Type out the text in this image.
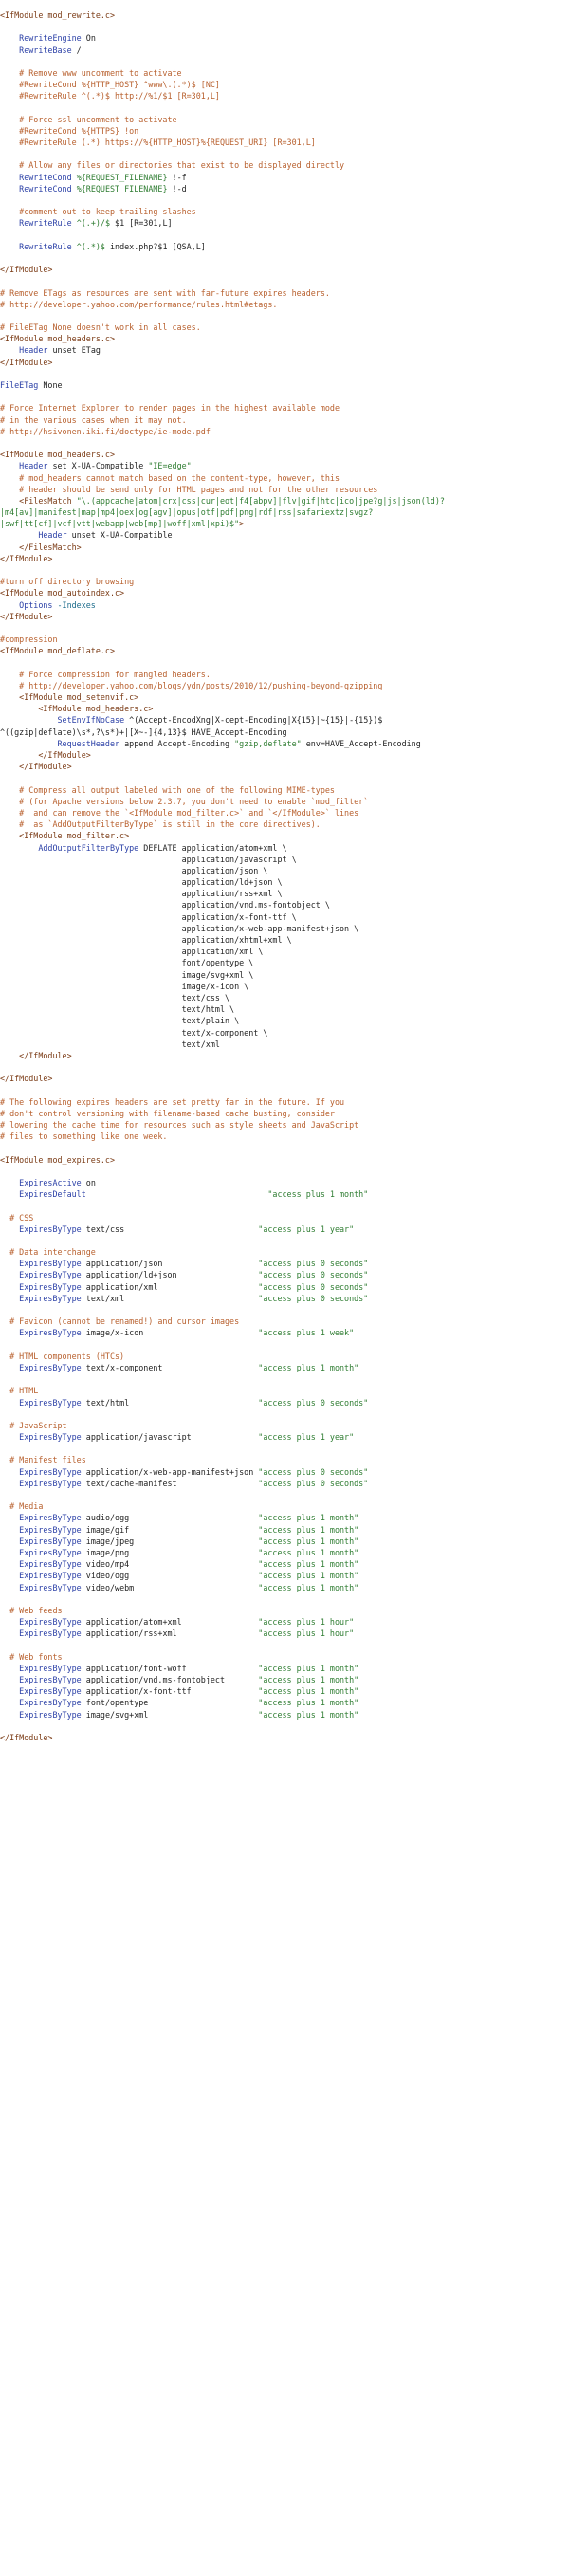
<IfModule mod_rewrite.c>
RewriteEngine On
RewriteBase /
# Remove www uncomment to activate
#RewriteCond %{HTTP_HOST} ^www\.(.*)$ [NC]
#RewriteRule ^(.*)$ http://%1/$1 [R=301,L]
# Force ssl uncomment to activate
#RewriteCond %{HTTPS} !on
#RewriteRule (.*) https://%{HTTP_HOST}%{REQUEST_URI} [R=301,L]
# Allow any files or directories that exist to be displayed directly
RewriteCond %{REQUEST_FILENAME} !-f
RewriteCond %{REQUEST_FILENAME} !-d
#comment out to keep trailing slashes
RewriteRule ^(.+)/$ $1 [R=301,L]
RewriteRule ^(.*)$ index.php?$1 [QSA,L]
</IfModule>
# Remove ETags as resources are sent with far-future expires headers.
# http://developer.yahoo.com/performance/rules.html#etags.
# FileETag None doesn't work in all cases.
<IfModule mod_headers.c>
Header unset ETag
</IfModule>
FileETag None
# Force Internet Explorer to render pages in the highest available mode
# in the various cases when it may not.
# http://hsivonen.iki.fi/doctype/ie-mode.pdf
<IfModule mod_headers.c>
Header set X-UA-Compatible "IE=edge"
# mod_headers cannot match based on the content-type, however, this
# header should be send only for HTML pages and not for the other resources
<FilesMatch "\.(appcache|atom|crx|css|cur|eot|f4[abpv]|flv|gif|htc|ico|jpe?g|js|json(ld)?
|m4[av]|manifest|map|mp4|oex|og[agv]|opus|otf|pdf|png|rdf|rss|safariextz|svgz?
|swf|tt[cf]|vcf|vtt|webapp|web[mp]|woff|xml|xpi)$">
Header unset X-UA-Compatible
</FilesMatch>
</IfModule>
#turn off directory browsing
<IfModule mod_autoindex.c>
Options -Indexes
</IfModule>
#compression
<IfModule mod_deflate.c>
# Force compression for mangled headers.
# http://developer.yahoo.com/blogs/ydn/posts/2010/12/pushing-beyond-gzipping
<IfModule mod_setenvif.c>
<IfModule mod_headers.c>
SetEnvIfNoCase ^(Accept-EncodXng|X-cept-Encoding|X{15}|~{15}|-{15})$
^((gzip|deflate)\s*,?\s*)+|[X~-]{4,13}$ HAVE_Accept-Encoding
RequestHeader append Accept-Encoding "gzip,deflate" env=HAVE_Accept-Encoding
</IfModule>
</IfModule>
# Compress all output labeled with one of the following MIME-types
# (for Apache versions below 2.3.7, you don't need to enable `mod_filter`
#  and can remove the `<IfModule mod_filter.c>` and `</IfModule>` lines
#  as `AddOutputFilterByType` is still in the core directives).
<IfModule mod_filter.c>
AddOutputFilterByType DEFLATE application/atom+xml \
application/javascript \
application/json \
application/ld+json \
application/rss+xml \
application/vnd.ms-fontobject \
application/x-font-ttf \
application/x-web-app-manifest+json \
application/xhtml+xml \
application/xml \
font/opentype \
image/svg+xml \
image/x-icon \
text/css \
text/html \
text/plain \
text/x-component \
text/xml
</IfModule>
</IfModule>
# The following expires headers are set pretty far in the future. If you
# don't control versioning with filename-based cache busting, consider
# lowering the cache time for resources such as style sheets and JavaScript
# files to something like one week.
<IfModule mod_expires.c>
ExpiresActive on
ExpiresDefault	"access plus 1 month"
# CSS
ExpiresByType text/css                            "access plus 1 year"
# Data interchange
ExpiresByType application/json                    "access plus 0 seconds"
ExpiresByType application/ld+json                 "access plus 0 seconds"
ExpiresByType application/xml                     "access plus 0 seconds"
ExpiresByType text/xml                            "access plus 0 seconds"
# Favicon (cannot be renamed!) and cursor images
ExpiresByType image/x-icon                        "access plus 1 week"
# HTML components (HTCs)
ExpiresByType text/x-component                    "access plus 1 month"
# HTML
ExpiresByType text/html                           "access plus 0 seconds"
# JavaScript
ExpiresByType application/javascript              "access plus 1 year"
# Manifest files
ExpiresByType application/x-web-app-manifest+json "access plus 0 seconds"
ExpiresByType text/cache-manifest                 "access plus 0 seconds"
# Media
ExpiresByType audio/ogg                           "access plus 1 month"
ExpiresByType image/gif                           "access plus 1 month"
ExpiresByType image/jpeg                          "access plus 1 month"
ExpiresByType image/png                           "access plus 1 month"
ExpiresByType video/mp4                           "access plus 1 month"
ExpiresByType video/ogg                           "access plus 1 month"
ExpiresByType video/webm                          "access plus 1 month"
# Web feeds
ExpiresByType application/atom+xml                "access plus 1 hour"
ExpiresByType application/rss+xml                 "access plus 1 hour"
# Web fonts
ExpiresByType application/font-woff               "access plus 1 month"
ExpiresByType application/vnd.ms-fontobject       "access plus 1 month"
ExpiresByType application/x-font-ttf              "access plus 1 month"
ExpiresByType font/opentype                       "access plus 1 month"
ExpiresByType image/svg+xml                       "access plus 1 month"
</IfModule>
